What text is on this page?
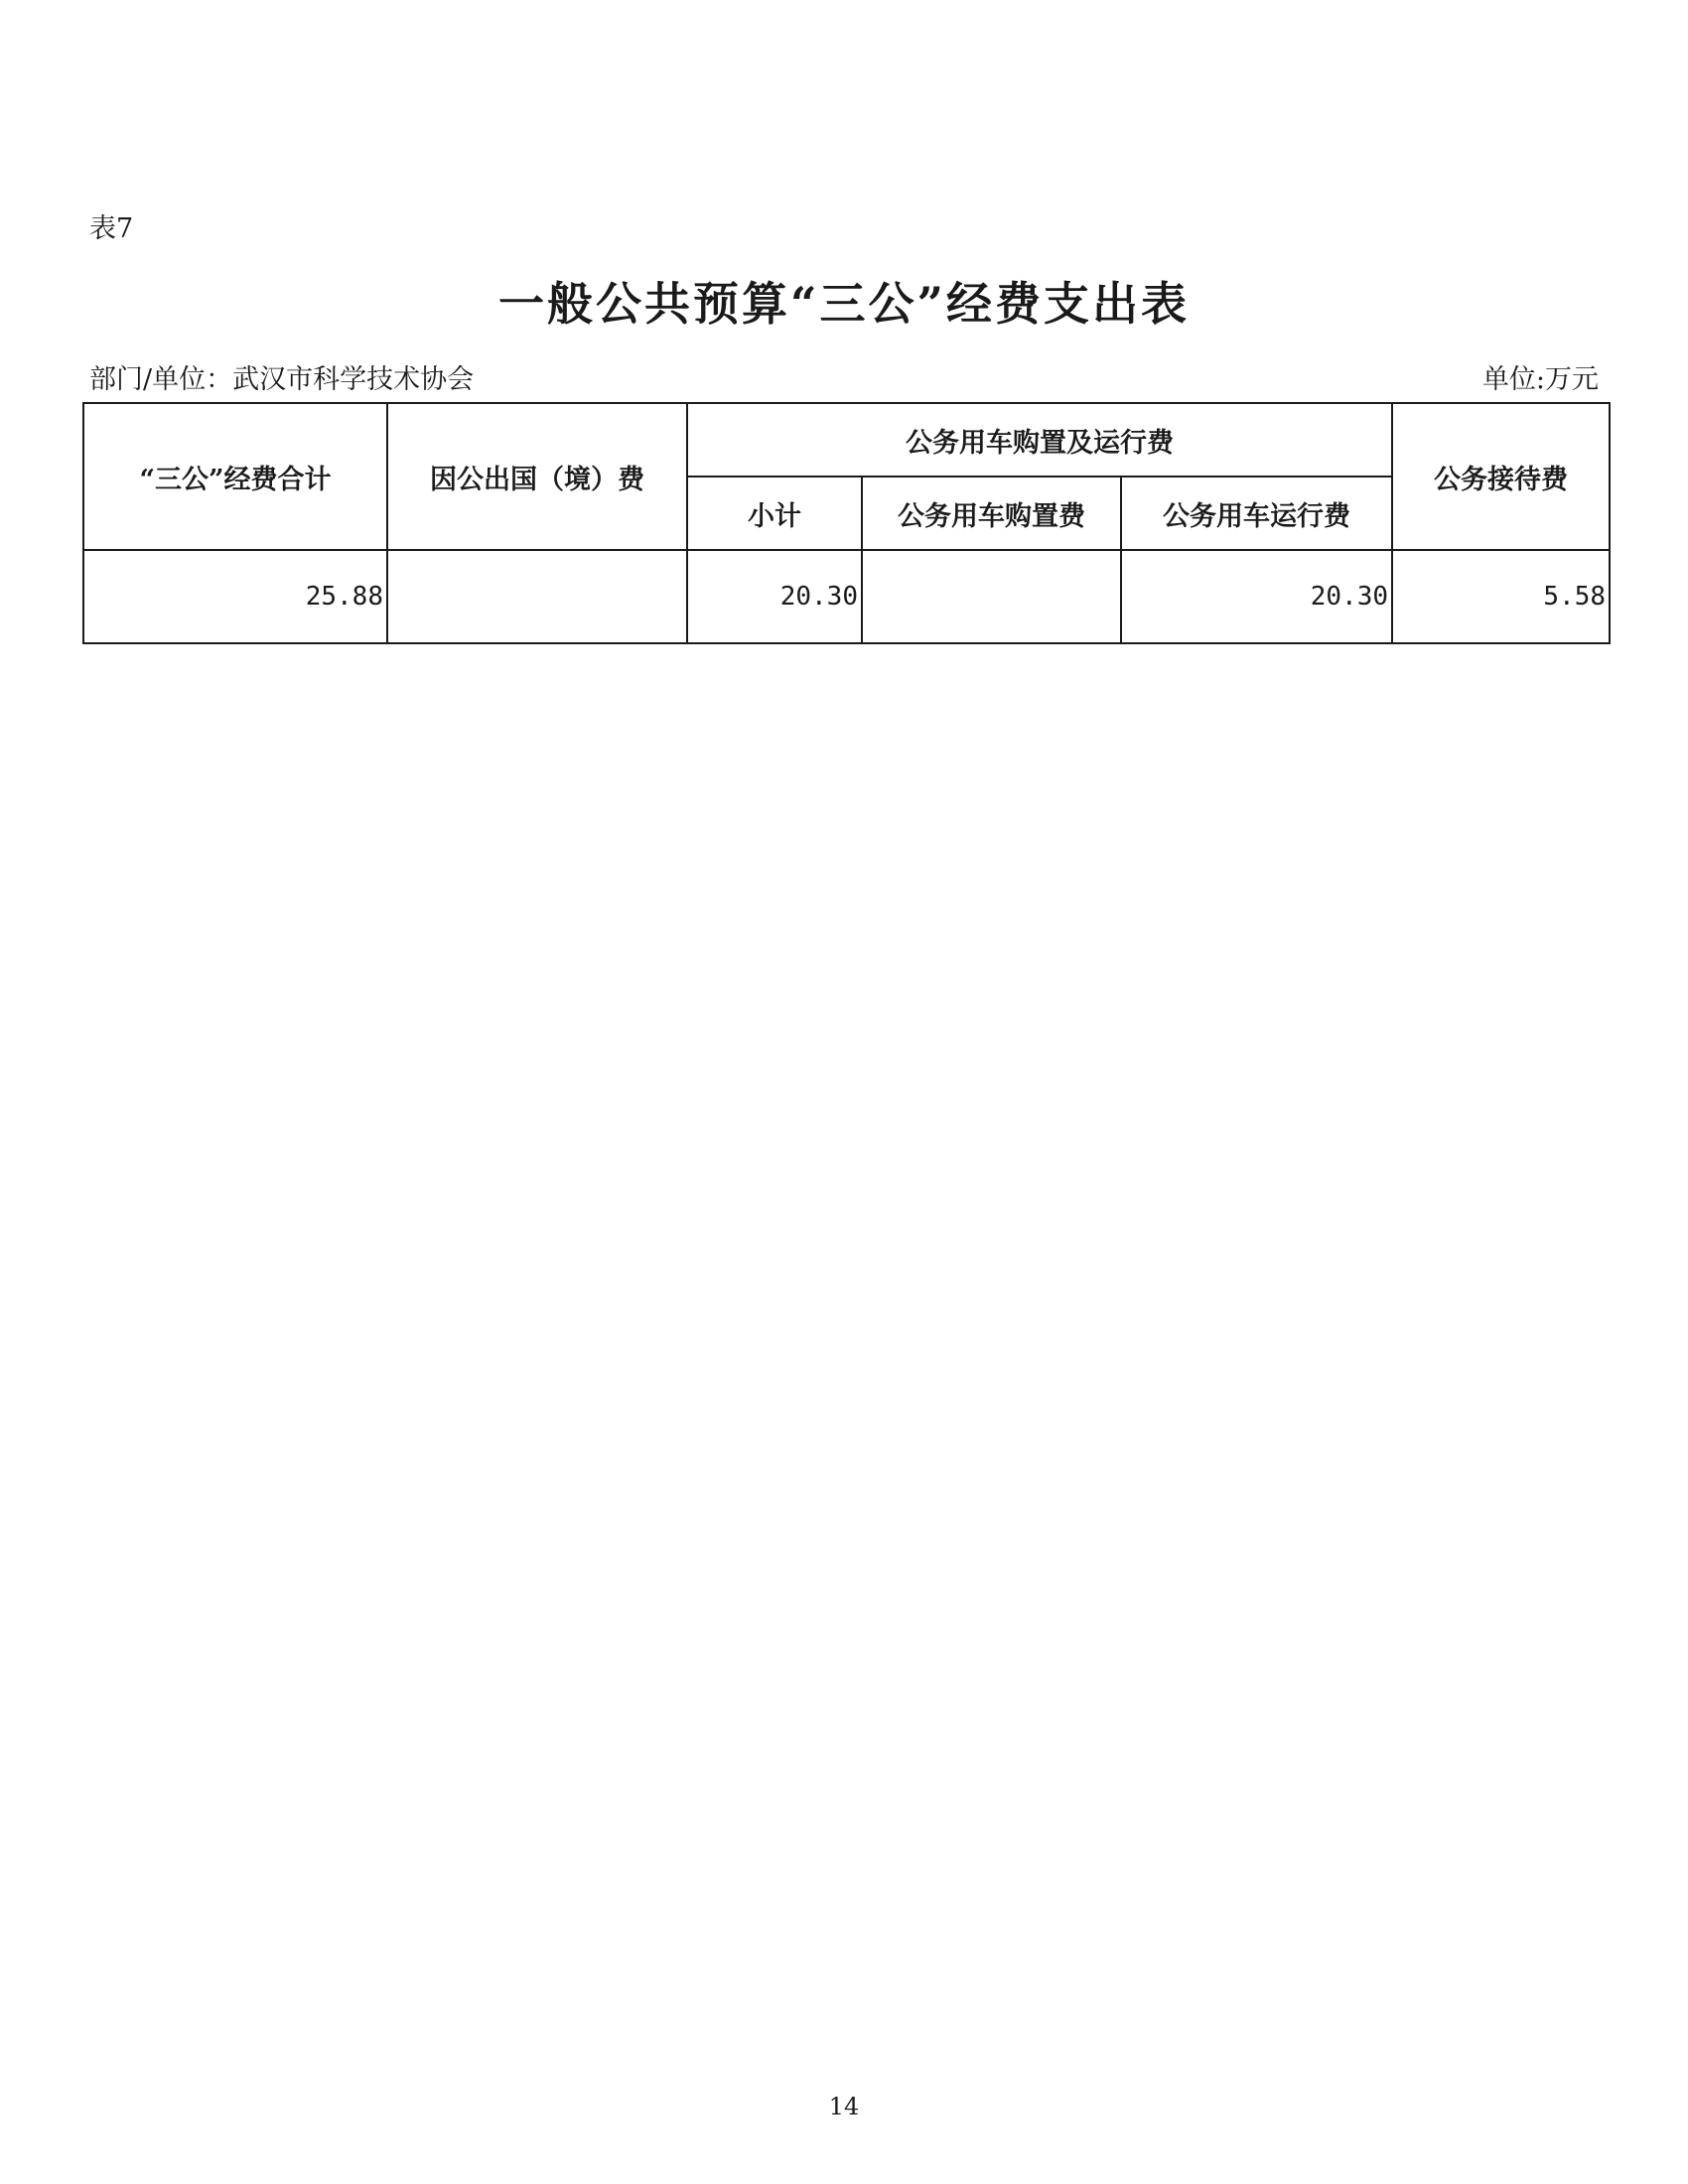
表7
一般公共预算“三公”经费支出表
部门/单位：武汉市科学技术协会	单位:万元
“三公”经费合计	因公出国（境）费	公务用车购置及运行费			公务接待费
		小计	公务用车购置费	公务用车运行费	
25.88		20.30		20.30	5.58
14
